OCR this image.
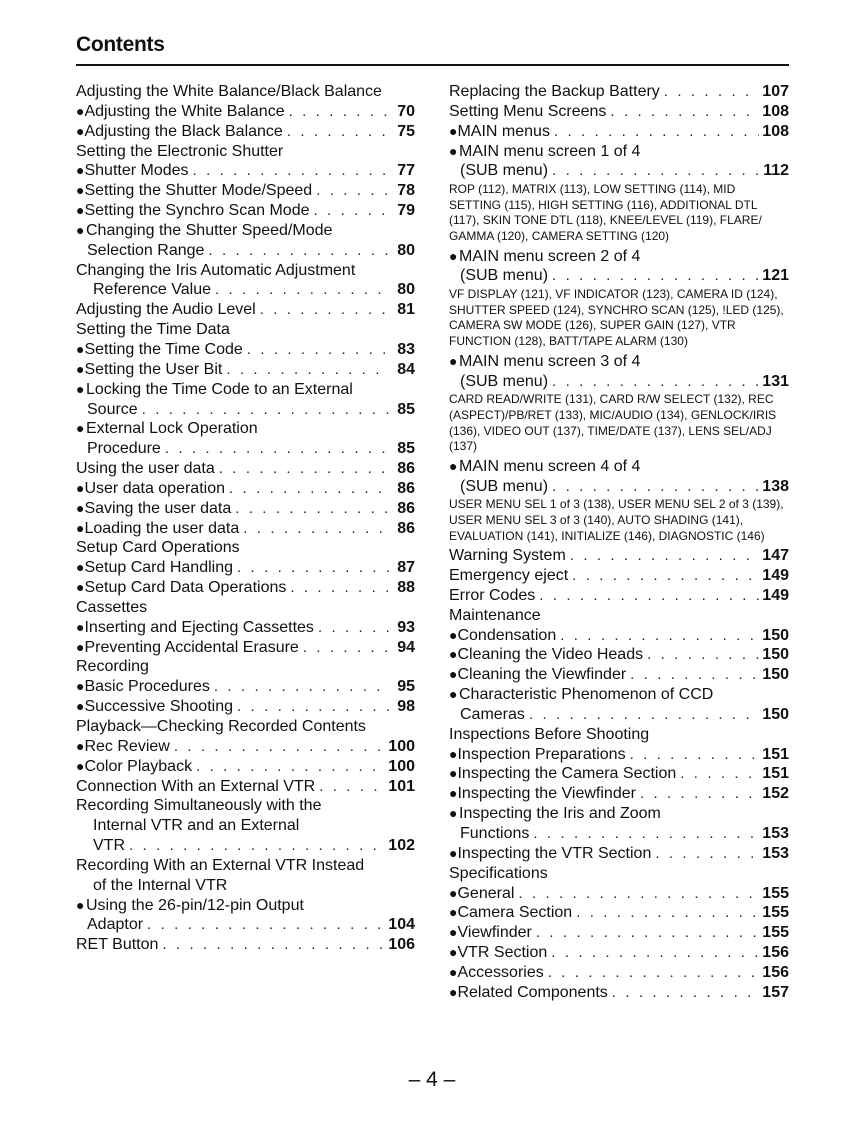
Contents
Adjusting the White Balance/Black Balance
● Adjusting the White Balance . . .	70
● Adjusting the Black Balance . . .	75
Setting the Electronic Shutter
● Shutter Modes . . .	77
● Setting the Shutter Mode/Speed . . .	78
● Setting the Synchro Scan Mode . . .	79
● Changing the Shutter Speed/Mode
Selection Range . . .	80
Changing the Iris Automatic Adjustment
Reference Value . . .	80
Adjusting the Audio Level . . .	81
Setting the Time Data
● Setting the Time Code . . .	83
● Setting the User Bit . . .	84
● Locking the Time Code to an External
Source . . .	85
● External Lock Operation
Procedure . . .	85
Using the user data . . .	86
● User data operation . . .	86
● Saving the user data . . .	86
● Loading the user data . . .	86
Setup Card Operations
● Setup Card Handling . . .	87
● Setup Card Data Operations . . .	88
Cassettes
● Inserting and Ejecting Cassettes . . .	93
● Preventing Accidental Erasure . . .	94
Recording
● Basic Procedures . . .	95
● Successive Shooting . . .	98
Playback—Checking Recorded Contents
● Rec Review . . .	100
● Color Playback . . .	100
Connection With an External VTR . . .	101
Recording Simultaneously with the
Internal VTR and an External
VTR . . .	102
Recording With an External VTR Instead
of the Internal VTR
● Using the 26-pin/12-pin Output
Adaptor . . .	104
RET Button . . .	106
Replacing the Backup Battery . . .	107
Setting Menu Screens . . .	108
● MAIN menus . . .	108
● MAIN menu screen 1 of 4
(SUB menu) . . .	112
ROP (112), MATRIX (113), LOW SETTING (114), MID SETTING (115), HIGH SETTING (116), ADDITIONAL DTL (117), SKIN TONE DTL (118), KNEE/LEVEL (119), FLARE/ GAMMA (120), CAMERA SETTING (120)
● MAIN menu screen 2 of 4
(SUB menu) . . .	121
VF DISPLAY (121), VF INDICATOR (123), CAMERA ID (124), SHUTTER SPEED (124), SYNCHRO SCAN (125), !LED (125), CAMERA SW MODE (126), SUPER GAIN (127), VTR FUNCTION (128), BATT/TAPE ALARM (130)
● MAIN menu screen 3 of 4
(SUB menu) . . .	131
CARD READ/WRITE (131), CARD R/W SELECT (132), REC (ASPECT)/PB/RET (133), MIC/AUDIO (134), GENLOCK/IRIS (136), VIDEO OUT (137), TIME/DATE (137), LENS SEL/ADJ (137)
● MAIN menu screen 4 of 4
(SUB menu) . . .	138
USER MENU SEL 1 of 3 (138), USER MENU SEL 2 of 3 (139), USER MENU SEL 3 of 3 (140), AUTO SHADING (141), EVALUATION (141), INITIALIZE (146), DIAGNOSTIC (146)
Warning System . . .	147
Emergency eject . . .	149
Error Codes . . .	149
Maintenance
● Condensation . . .	150
● Cleaning the Video Heads . . .	150
● Cleaning the Viewfinder . . .	150
● Characteristic Phenomenon of CCD
Cameras . . .	150
Inspections Before Shooting
● Inspection Preparations . . .	151
● Inspecting the Camera Section . . .	151
● Inspecting the Viewfinder . . .	152
● Inspecting the Iris and Zoom
Functions . . .	153
● Inspecting the VTR Section . . .	153
Specifications
● General . . .	155
● Camera Section . . .	155
● Viewfinder . . .	155
● VTR Section . . .	156
● Accessories . . .	156
● Related Components . . .	157
– 4 –
